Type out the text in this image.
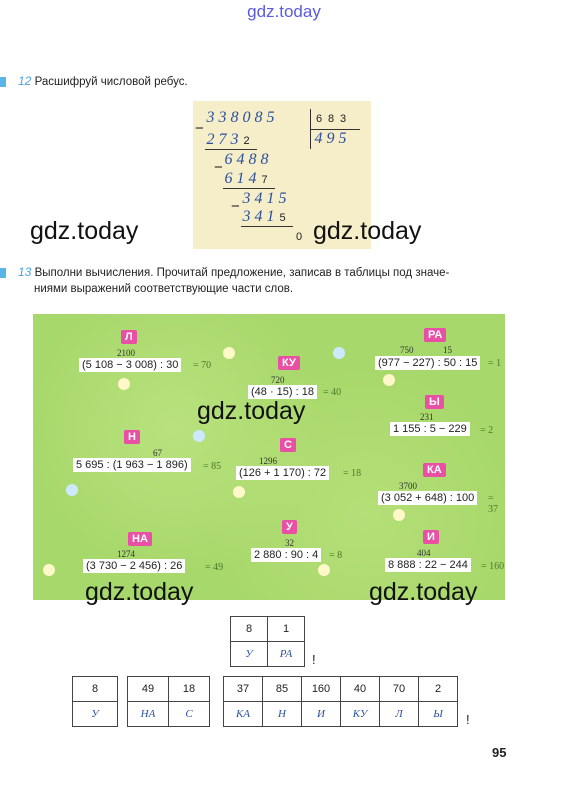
gdz.today
12 Расшифруй числовой ребус.
−
−
−
3 3 8 0 8 5	6 8 3
4 9 5
2 7 3 2
6 4 8 8
6 1 4 7
3 4 1 5
3 4 1 5
0
gdz.today	gdz.today
13 Выполни вычисления. Прочитай предложение, записав в таблицы под значе-
ниями выражений соответствующие части слов.
Л
2100
(5 108 − 3 008) : 30	= 70	КУ
720
(48 · 15) : 18 = 40
РА
750	15
(977 − 227) : 50 : 15	= 1
Ы
231
1 155 : 5 − 229	= 2
Н
67
5 695 : (1 963 − 1 896)	= 85
С
1296
(126 + 1 170) : 72	= 18	КА
3700
(3 052 + 648) : 100	= 37
У
32
2 880 : 90 : 4	= 8
НА
1274
(3 730 − 2 456) : 26	= 49
И
404
8 888 : 22 − 244	= 160
gdz.today
gdz.today	gdz.today
8	1
У	РА !
8
У
49	18
НА	С
37	85	160	40	70	2
КА	Н	И	КУ	Л	Ы !
95
